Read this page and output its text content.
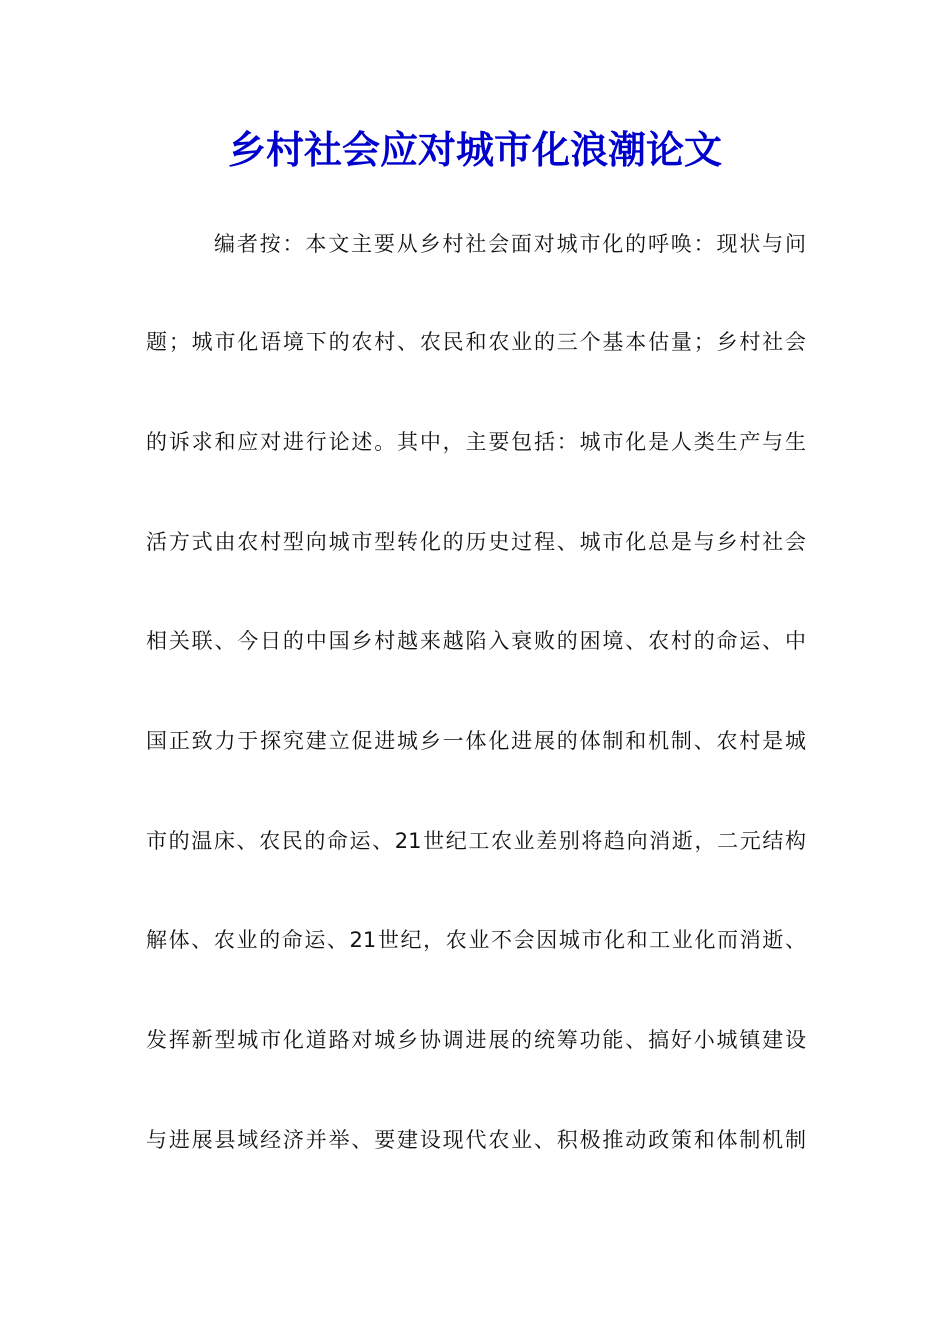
乡村社会应对城市化浪潮论文
编者按：本文主要从乡村社会面对城市化的呼唤：现状与问
题；城市化语境下的农村、农民和农业的三个基本估量；乡村社会
的诉求和应对进行论述。其中，主要包括：城市化是人类生产与生
活方式由农村型向城市型转化的历史过程、城市化总是与乡村社会
相关联、今日的中国乡村越来越陷入衰败的困境、农村的命运、中
国正致力于探究建立促进城乡一体化进展的体制和机制、农村是城
市的温床、农民的命运、21世纪工农业差别将趋向消逝，二元结构
解体、农业的命运、21世纪，农业不会因城市化和工业化而消逝、
发挥新型城市化道路对城乡协调进展的统筹功能、搞好小城镇建设
与进展县域经济并举、要建设现代农业、积极推动政策和体制机制
